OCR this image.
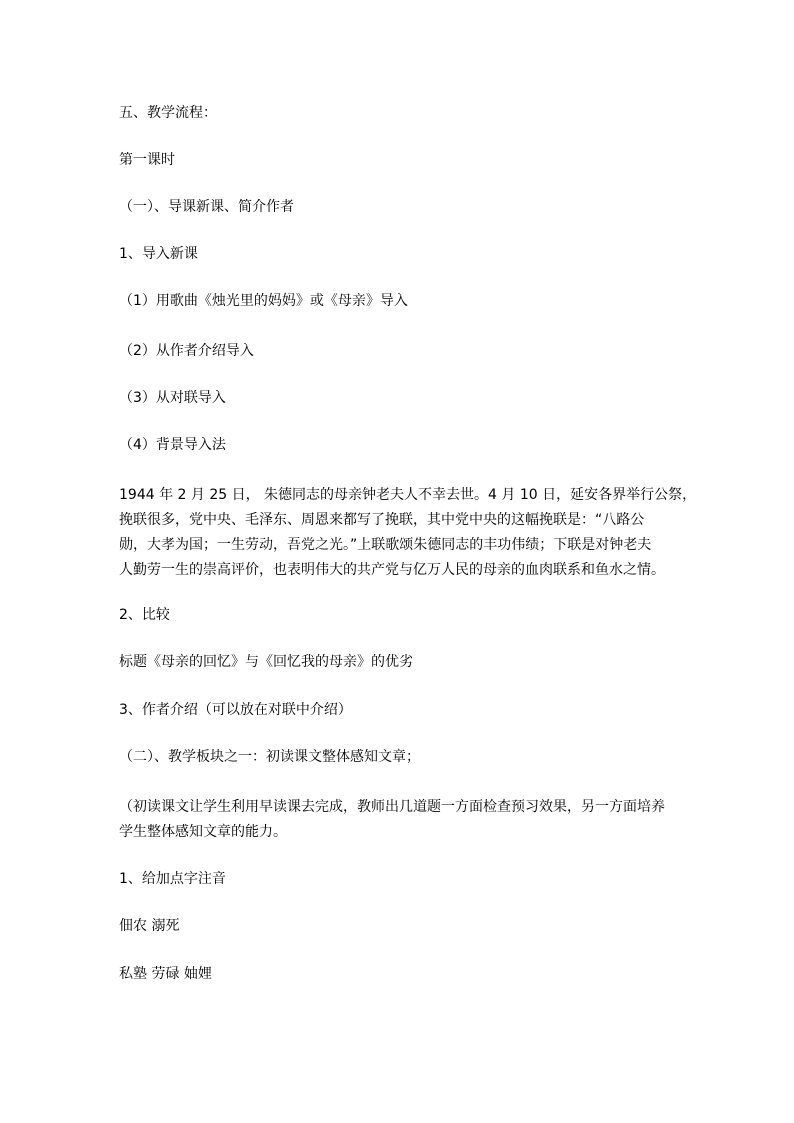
五、教学流程：

第一课时

（一）、导课新课、简介作者

1、导入新课

（1）用歌曲《烛光里的妈妈》或《母亲》导入

（2）从作者介绍导入

（3）从对联导入

（4）背景导入法

1944 年 2 月 25 日， 朱德同志的母亲钟老夫人不幸去世。4 月 10 日，延安各界举行公祭，
挽联很多，党中央、毛泽东、周恩来都写了挽联，其中党中央的这幅挽联是：“八路公
勋，大孝为国；一生劳动，吾党之光。”上联歌颂朱德同志的丰功伟绩；下联是对钟老夫
人勤劳一生的崇高评价，也表明伟大的共产党与亿万人民的母亲的血肉联系和鱼水之情。

2、比较

标题《母亲的回忆》与《回忆我的母亲》的优劣

3、作者介绍（可以放在对联中介绍）

（二）、教学板块之一：初读课文整体感知文章；

（初读课文让学生利用早读课去完成，教师出几道题一方面检查预习效果，另一方面培养
学生整体感知文章的能力。

1、给加点字注音

佃农 溺死

私塾 劳碌 妯娌
